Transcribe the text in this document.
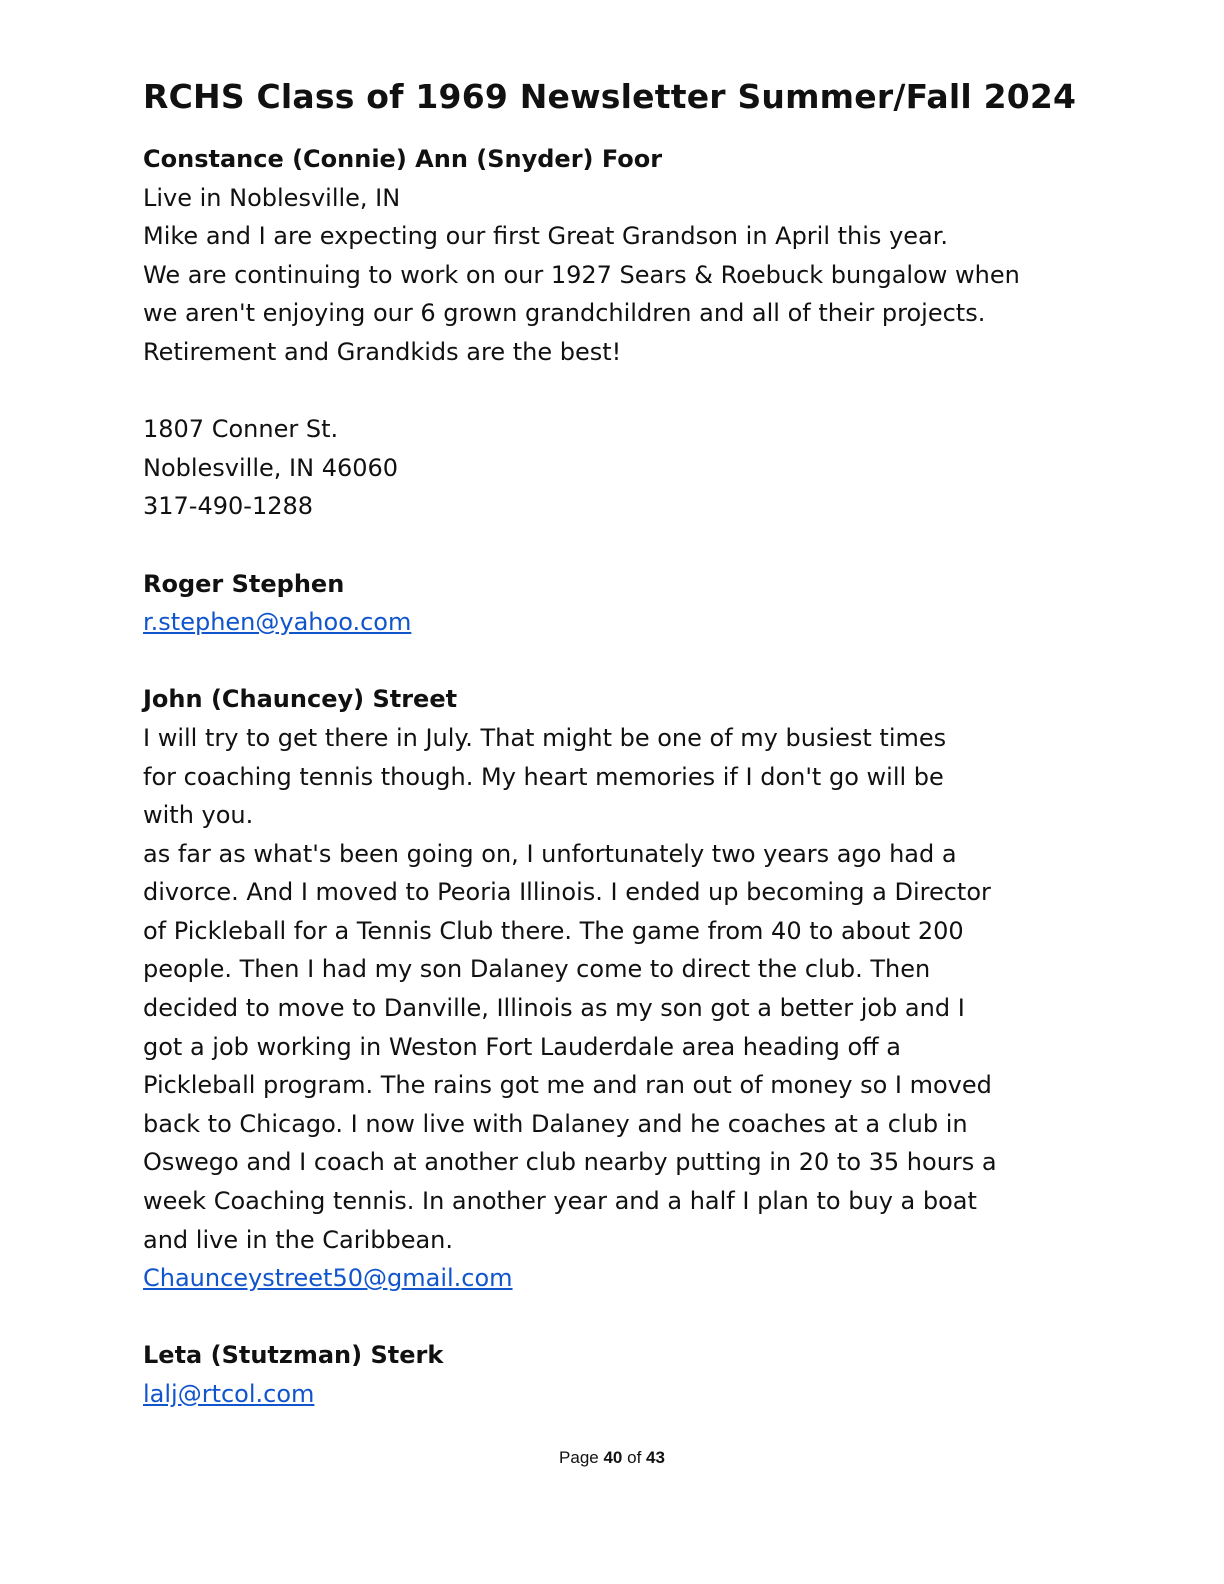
RCHS Class of 1969 Newsletter Summer/Fall 2024
Constance (Connie) Ann (Snyder) Foor
Live in Noblesville, IN
Mike and I are expecting our first Great Grandson in April this year.
We are continuing to work on our 1927 Sears & Roebuck bungalow when
we aren't enjoying our 6 grown grandchildren and all of their projects.
Retirement and Grandkids are the best!
1807 Conner St.
Noblesville, IN 46060
317-490-1288
Roger Stephen
r.stephen@yahoo.com
John (Chauncey) Street
I will try to get there in July. That might be one of my busiest times
for coaching tennis though. My heart memories if I don't go will be
with you.
as far as what's been going on, I unfortunately two years ago had a
divorce. And I moved to Peoria Illinois. I ended up becoming a Director
of Pickleball for a Tennis Club there. The game from 40 to about 200
people. Then I had my son Dalaney come to direct the club. Then
decided to move to Danville, Illinois as my son got a better job and I
got a job working in Weston Fort Lauderdale area heading off a
Pickleball program. The rains got me and ran out of money so I moved
back to Chicago. I now live with Dalaney and he coaches at a club in
Oswego and I coach at another club nearby putting in 20 to 35 hours a
week Coaching tennis. In another year and a half I plan to buy a boat
and live in the Caribbean.
Chaunceystreet50@gmail.com
Leta (Stutzman) Sterk
lalj@rtcol.com
Page 40 of 43
